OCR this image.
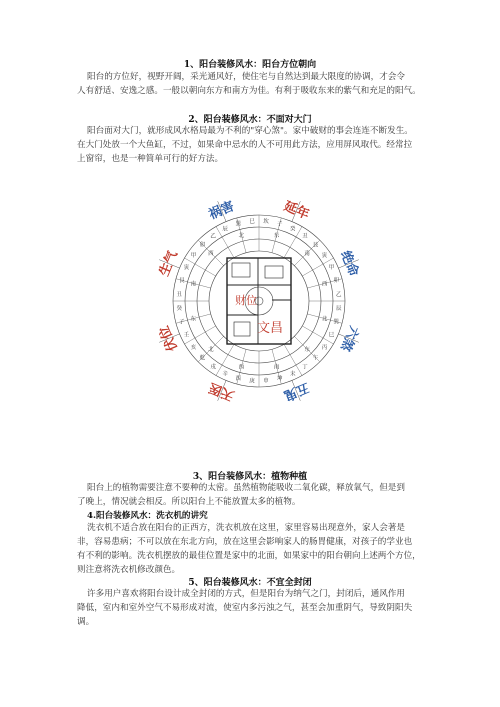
1、阳台装修风水：阳台方位朝向

阳台的方位好，视野开阔，采光通风好，使住宅与自然达到最大限度的协调，才会令

人有舒适、安逸之感。一般以朝向东方和南方为佳。有利于吸收东来的紫气和充足的阳气。

2、阳台装修风水：不面对大门

阳台面对大门，就形成风水格局最为不利的"穿心煞"。家中破财的事会连连不断发生。

在大门处放一个大鱼缸，不过，如果命中忌水的人不可用此方法，应用屏风取代。经常拉

上窗帘，也是一种简单可行的好方法。

坎 子
癸
丑
艮
寅
甲
卯
乙
辰
巽
巳
丙
午
丁
未
坤
申
庚
酉
辛
戌
乾
亥
壬
子
癸
丑
艮
寅
甲
卯
乙
辰
巽 巳
东
南
西
北
东
南
西
北
东
南
西
北
文昌
财位
延年
绝命
六煞
五鬼
天医
伏位
生气
祸害
3、阳台装修风水：植物种植

阳台上的植物需要注意不要种的太密。虽然植物能吸收二氧化碳，释放氧气，但是到

了晚上，情况就会相反。所以阳台上不能放置太多的植物。

4.阳台装修风水：洗衣机的讲究

洗衣机不适合放在阳台的正西方，洗衣机放在这里，家里容易出现意外，家人会著是

非，容易患病；不可以放在东北方向，放在这里会影响家人的肠胃健康，对孩子的学业也

有不利的影响。洗衣机摆放的最佳位置是家中的北面，如果家中的阳台朝向上述两个方位，

则注意将洗衣机修改颜色。

5、阳台装修风水：不宜全封闭

许多用户喜欢将阳台设计成全封闭的方式，但是阳台为纳气之门，封闭后，通风作用

降低，室内和室外空气不易形成对流，使室内多污浊之气，甚至会加重阴气，导致阴阳失

调。
